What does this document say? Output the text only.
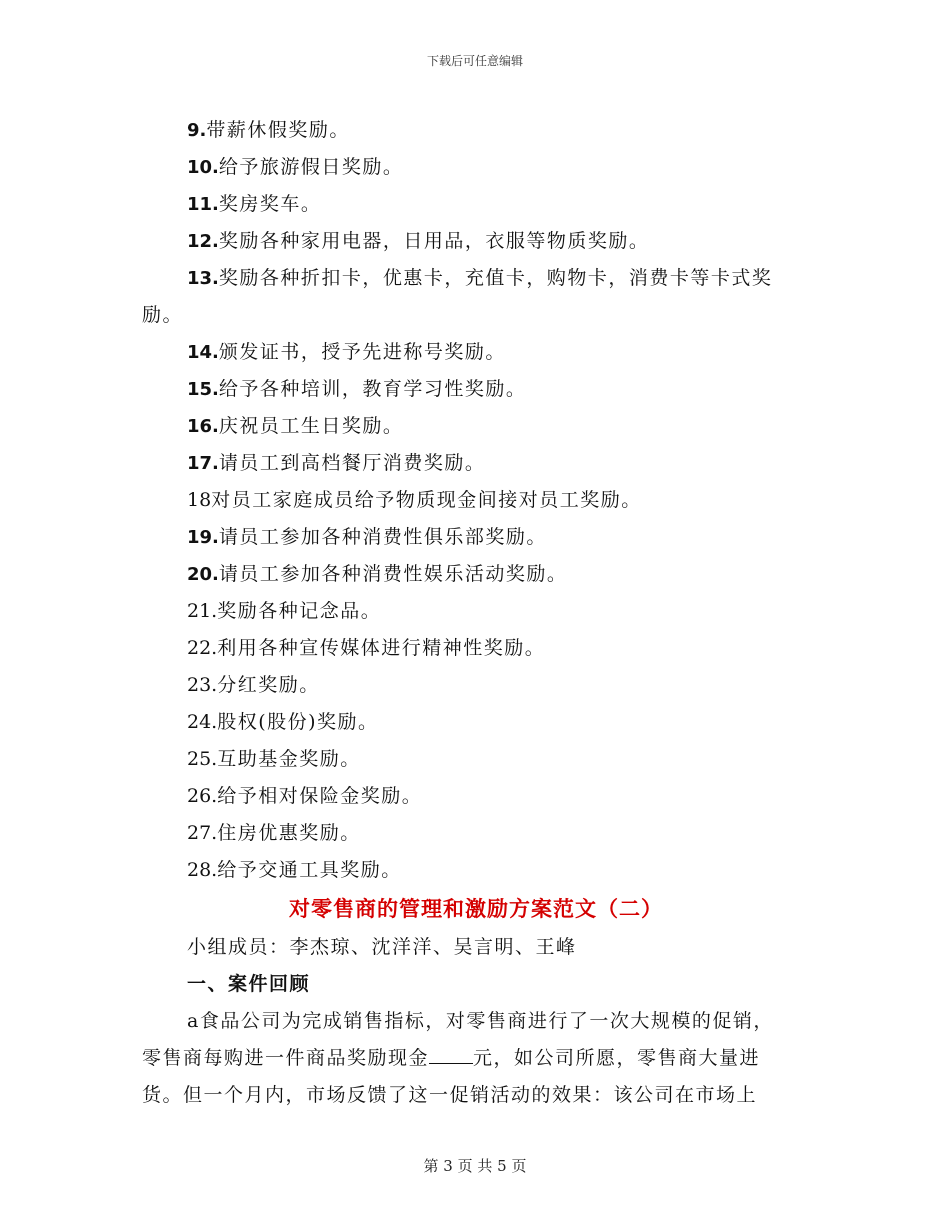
下载后可任意编辑
9.带薪休假奖励。
10.给予旅游假日奖励。
11.奖房奖车。
12.奖励各种家用电器，日用品，衣服等物质奖励。
13.奖励各种折扣卡，优惠卡，充值卡，购物卡，消费卡等卡式奖
励。
14.颁发证书，授予先进称号奖励。
15.给予各种培训，教育学习性奖励。
16.庆祝员工生日奖励。
17.请员工到高档餐厅消费奖励。
18对员工家庭成员给予物质现金间接对员工奖励。
19.请员工参加各种消费性俱乐部奖励。
20.请员工参加各种消费性娱乐活动奖励。
21.奖励各种记念品。
22.利用各种宣传媒体进行精神性奖励。
23.分红奖励。
24.股权(股份)奖励。
25.互助基金奖励。
26.给予相对保险金奖励。
27.住房优惠奖励。
28.给予交通工具奖励。
对零售商的管理和激励方案范文（二）
小组成员：李杰琼、沈洋洋、吴言明、王峰
一、案件回顾
a食品公司为完成销售指标，对零售商进行了一次大规模的促销，
零售商每购进一件商品奖励现金 元，如公司所愿，零售商大量进
货。但一个月内，市场反馈了这一促销活动的效果：该公司在市场上
第 3 页 共 5 页
